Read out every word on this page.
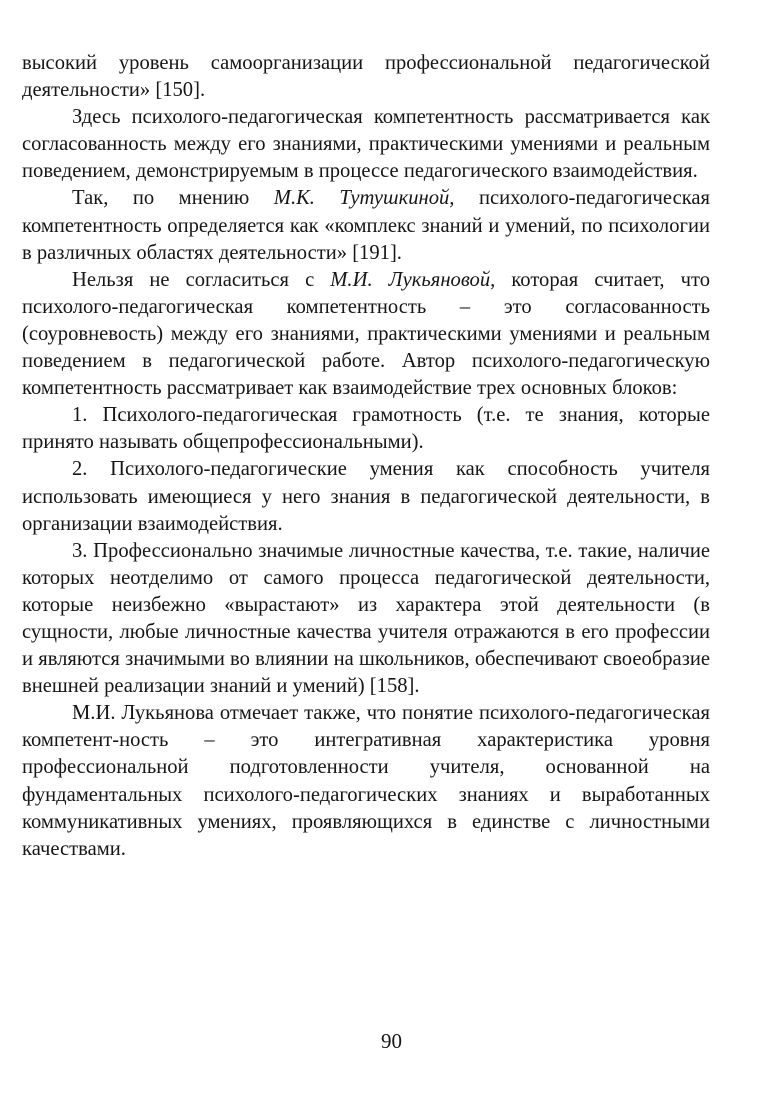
высокий уровень самоорганизации профессиональной педагогической деятельности» [150].

Здесь психолого-педагогическая компетентность рассматривается как согласованность между его знаниями, практическими умениями и реальным поведением, демонстрируемым в процессе педагогического взаимодействия.

Так, по мнению М.К. Тутушкиной, психолого-педагогическая компетентность определяется как «комплекс знаний и умений, по психологии в различных областях деятельности» [191].

Нельзя не согласиться с М.И. Лукьяновой, которая считает, что психолого-педагогическая компетентность – это согласованность (соуровневость) между его знаниями, практическими умениями и реальным поведением в педагогической работе. Автор психолого-педагогическую компетентность рассматривает как взаимодействие трех основных блоков:

1. Психолого-педагогическая грамотность (т.е. те знания, которые принято называть общепрофессиональными).

2. Психолого-педагогические умения как способность учителя использовать имеющиеся у него знания в педагогической деятельности, в организации взаимодействия.

3. Профессионально значимые личностные качества, т.е. такие, наличие которых неотделимо от самого процесса педагогической деятельности, которые неизбежно «вырастают» из характера этой деятельности (в сущности, любые личностные качества учителя отражаются в его профессии и являются значимыми во влиянии на школьников, обеспечивают своеобразие внешней реализации знаний и умений) [158].

М.И. Лукьянова отмечает также, что понятие психолого-педагогическая компетент-ность – это интегративная характеристика уровня профессиональной подготовленности учителя, основанной на фундаментальных психолого-педагогических знаниях и выработанных коммуникативных умениях, проявляющихся в единстве с личностными качествами.

90
